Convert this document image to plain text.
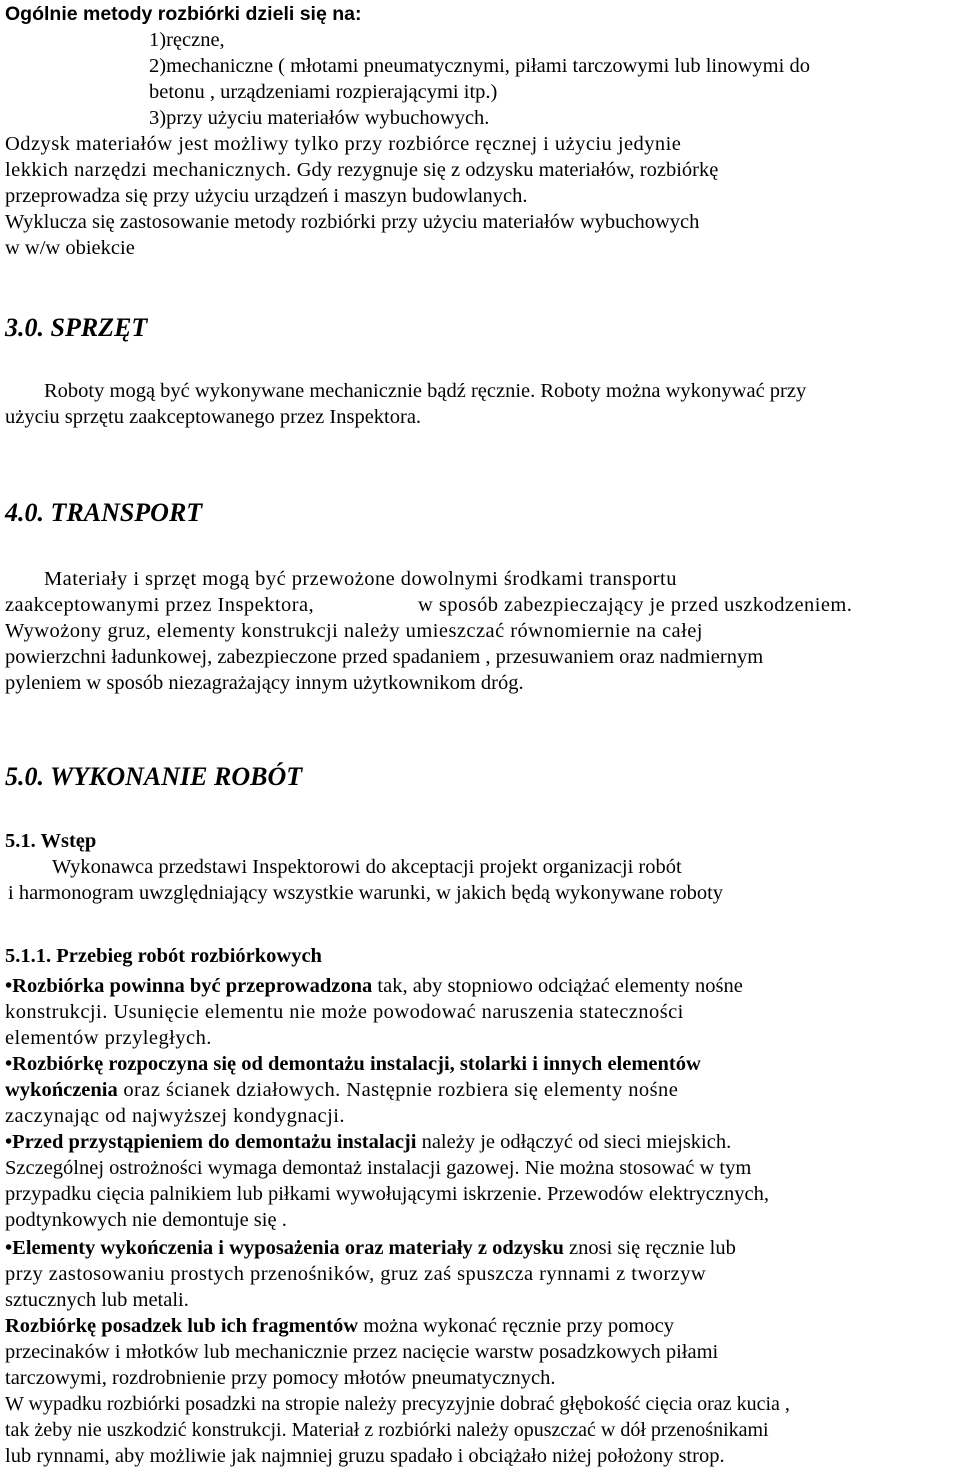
Ogólnie metody rozbiórki dzieli się na:
1)ręczne,
2)mechaniczne ( młotami pneumatycznymi, piłami tarczowymi lub linowymi do
betonu , urządzeniami rozpierającymi itp.)
3)przy użyciu materiałów wybuchowych.
Odzysk materiałów jest możliwy tylko przy rozbiórce ręcznej i użyciu jedynie
lekkich narzędzi mechanicznych. Gdy rezygnuje się z odzysku materiałów, rozbiórkę
przeprowadza się przy użyciu urządzeń i maszyn budowlanych.
Wyklucza się zastosowanie metody rozbiórki przy użyciu materiałów wybuchowych
w w/w obiekcie
3.0. SPRZĘT
Roboty mogą być wykonywane mechanicznie bądź ręcznie. Roboty można wykonywać przy
użyciu sprzętu zaakceptowanego przez Inspektora.
4.0. TRANSPORT
Materiały i sprzęt mogą być przewożone dowolnymi środkami transportu
zaakceptowanymi przez Inspektora,	w sposób zabezpieczający je przed uszkodzeniem.
Wywożony gruz, elementy konstrukcji należy umieszczać równomiernie na całej
powierzchni ładunkowej, zabezpieczone przed spadaniem , przesuwaniem oraz nadmiernym
pyleniem w sposób niezagrażający innym użytkownikom dróg.
5.0. WYKONANIE ROBÓT
5.1. Wstęp
Wykonawca przedstawi Inspektorowi do akceptacji projekt organizacji robót
i harmonogram uwzględniający wszystkie warunki, w jakich będą wykonywane roboty
5.1.1. Przebieg robót rozbiórkowych
•Rozbiórka powinna być przeprowadzona tak, aby stopniowo odciążać elementy nośne
konstrukcji. Usunięcie elementu nie może powodować naruszenia stateczności
elementów przyległych.
•Rozbiórkę rozpoczyna się od demontażu instalacji, stolarki i innych elementów
wykończenia oraz ścianek działowych. Następnie rozbiera się elementy nośne
zaczynając od najwyższej kondygnacji.
•Przed przystąpieniem do demontażu instalacji należy je odłączyć od sieci miejskich.
Szczególnej ostrożności wymaga demontaż instalacji gazowej. Nie można stosować w tym
przypadku cięcia palnikiem lub piłkami wywołującymi iskrzenie. Przewodów elektrycznych,
podtynkowych nie demontuje się .
•Elementy wykończenia i wyposażenia oraz materiały z odzysku znosi się ręcznie lub
przy zastosowaniu prostych przenośników, gruz zaś spuszcza rynnami z tworzyw
sztucznych lub metali.
Rozbiórkę posadzek lub ich fragmentów można wykonać ręcznie przy pomocy
przecinaków i młotków lub mechanicznie przez nacięcie warstw posadzkowych piłami
tarczowymi, rozdrobnienie przy pomocy młotów pneumatycznych.
W wypadku rozbiórki posadzki na stropie należy precyzyjnie dobrać głębokość cięcia oraz kucia ,
tak żeby nie uszkodzić konstrukcji. Materiał z rozbiórki należy opuszczać w dół przenośnikami
lub rynnami, aby możliwie jak najmniej gruzu spadało i obciążało niżej położony strop.
